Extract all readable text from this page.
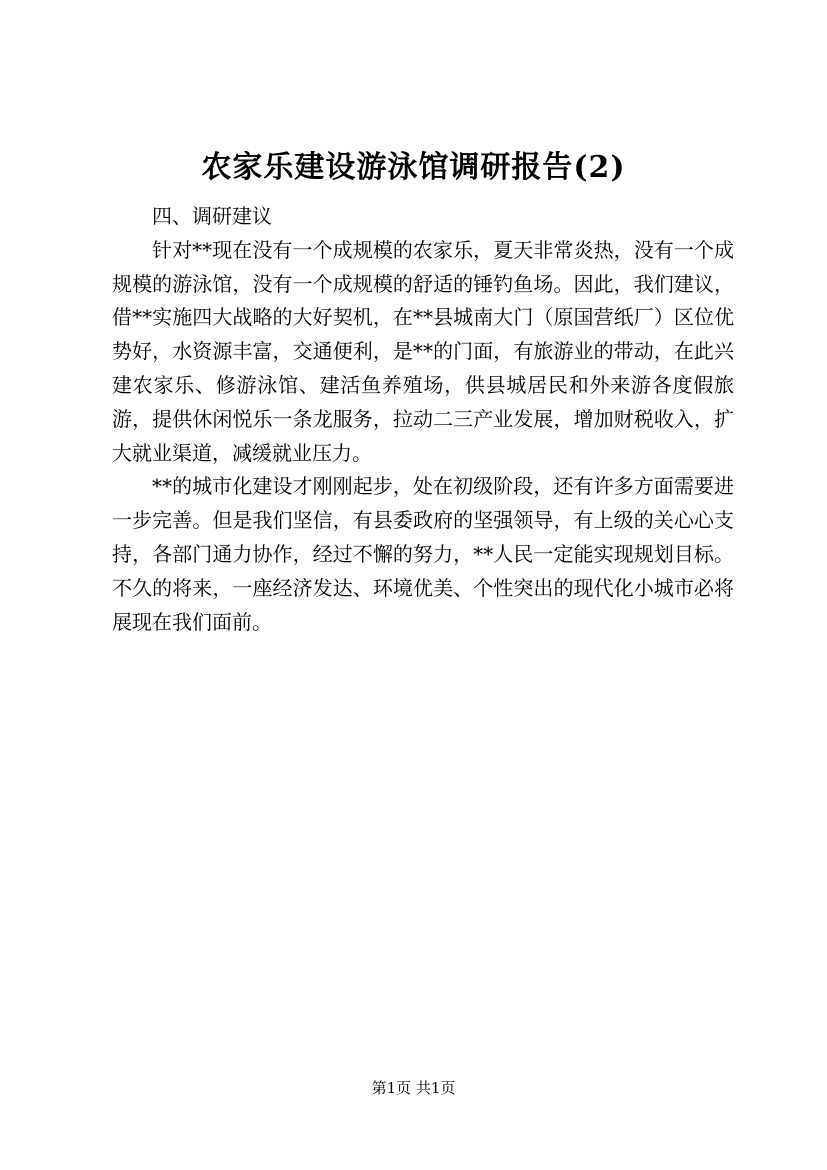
农家乐建设游泳馆调研报告(2)

四、调研建议

针对**现在没有一个成规模的农家乐，夏天非常炎热，没有一个成规模的游泳馆，没有一个成规模的舒适的锤钓鱼场。因此，我们建议，借**实施四大战略的大好契机，在**县城南大门（原国营纸厂）区位优势好，水资源丰富，交通便利，是**的门面，有旅游业的带动，在此兴建农家乐、修游泳馆、建活鱼养殖场，供县城居民和外来游各度假旅游，提供休闲悦乐一条龙服务，拉动二三产业发展，增加财税收入，扩大就业渠道，减缓就业压力。

**的城市化建设才刚刚起步，处在初级阶段，还有许多方面需要进一步完善。但是我们坚信，有县委政府的坚强领导，有上级的关心心支持，各部门通力协作，经过不懈的努力，**人民一定能实现规划目标。不久的将来，一座经济发达、环境优美、个性突出的现代化小城市必将展现在我们面前。

第1页 共1页
